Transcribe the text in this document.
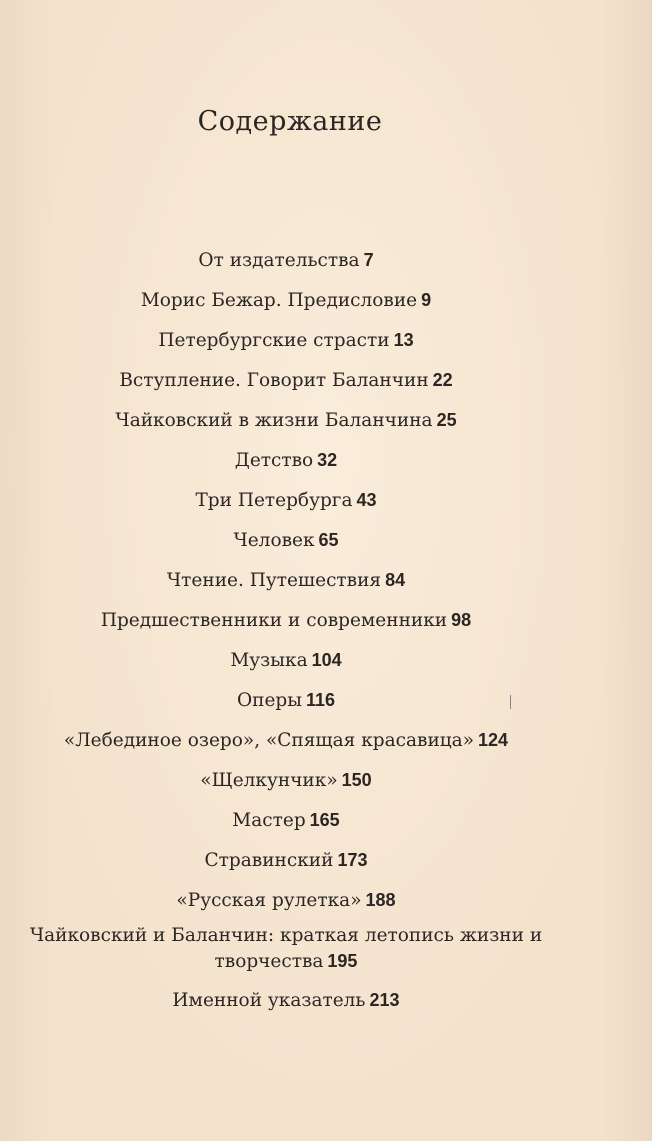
Содержание
От издательства 7
Морис Бежар. Предисловие 9
Петербургские страсти 13
Вступление. Говорит Баланчин 22
Чайковский в жизни Баланчина 25
Детство 32
Три Петербурга 43
Человек 65
Чтение. Путешествия 84
Предшественники и современники 98
Музыка 104
Оперы 116
«Лебединое озеро», «Спящая красавица» 124
«Щелкунчик» 150
Мастер 165
Стравинский 173
«Русская рулетка» 188
Чайковский и Баланчин: краткая летопись жизни и творчества 195
Именной указатель 213
